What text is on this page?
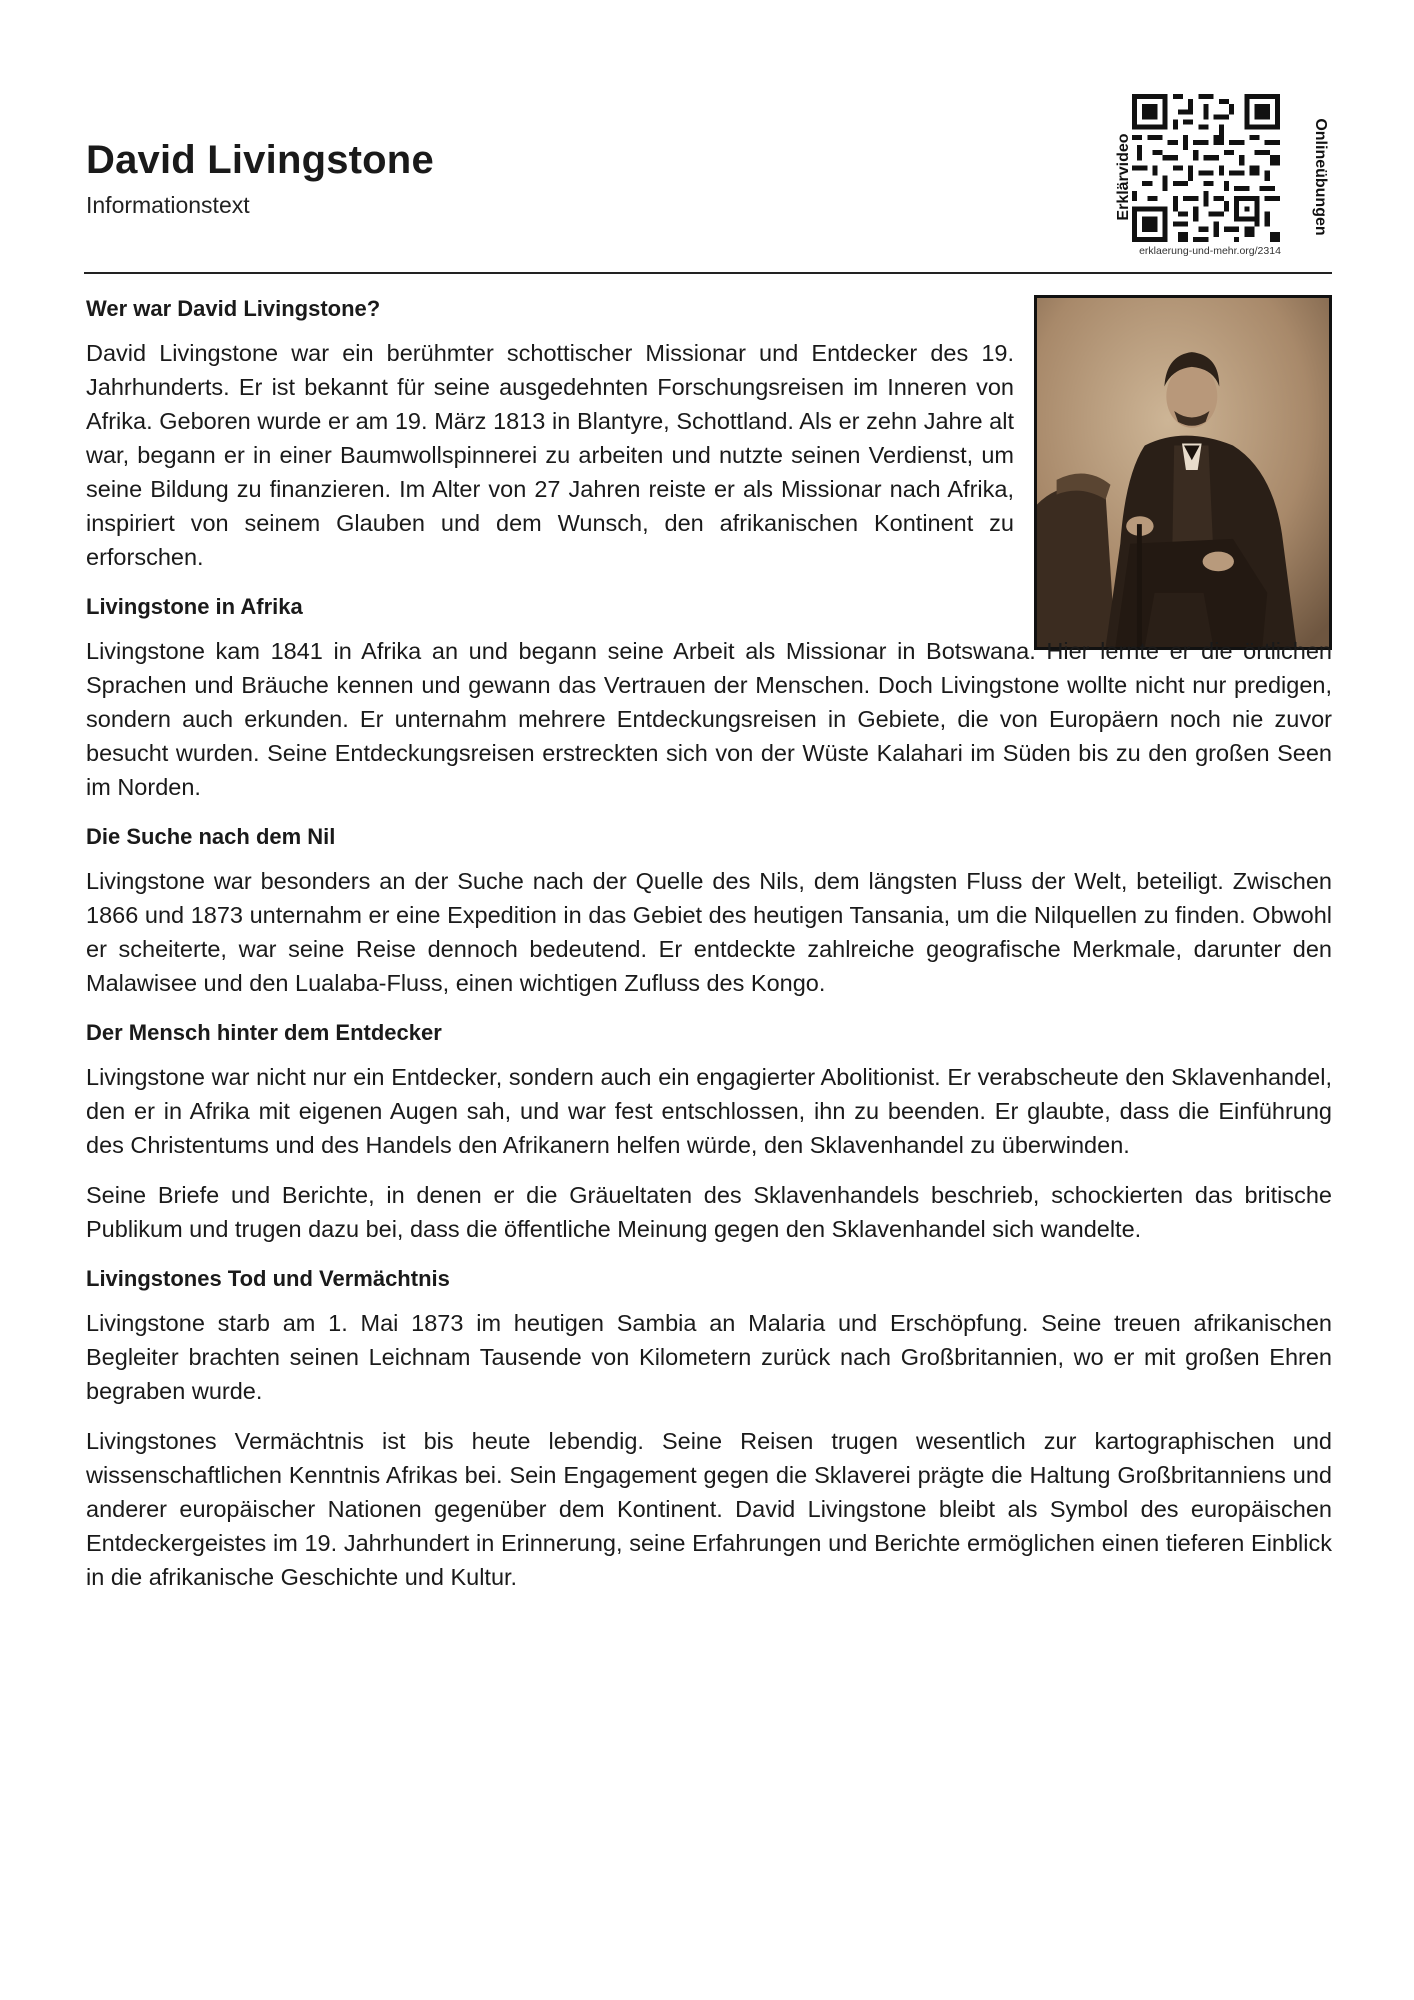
David Livingstone
Informationstext	Erklärvideo
erklaerung-und-mehr.org/2314
Onlineübungen
Wer war David Livingstone?

David Livingstone war ein berühmter schottischer Missionar und Entdecker des 19. Jahrhunderts. Er ist bekannt für seine ausgedehnten Forschungsreisen im Inneren von Afrika. Geboren wurde er am 19. März 1813 in Blantyre, Schottland. Als er zehn Jahre alt war, begann er in einer Baumwollspinnerei zu arbeiten und nutzte seinen Verdienst, um seine Bildung zu finanzieren. Im Alter von 27 Jahren reiste er als Missionar nach Afrika, inspiriert von seinem Glauben und dem Wunsch, den afrikanischen Kontinent zu erforschen.

Livingstone in Afrika

Livingstone kam 1841 in Afrika an und begann seine Arbeit als Missionar in Botswana. Hier lernte er die örtlichen Sprachen und Bräuche kennen und gewann das Vertrauen der Menschen. Doch Livingstone wollte nicht nur predigen, sondern auch erkunden. Er unternahm mehrere Entdeckungsreisen in Gebiete, die von Europäern noch nie zuvor besucht wurden. Seine Entdeckungsreisen erstreckten sich von der Wüste Kalahari im Süden bis zu den großen Seen im Norden.

Die Suche nach dem Nil

Livingstone war besonders an der Suche nach der Quelle des Nils, dem längsten Fluss der Welt, beteiligt. Zwischen 1866 und 1873 unternahm er eine Expedition in das Gebiet des heutigen Tansania, um die Nilquellen zu finden. Obwohl er scheiterte, war seine Reise dennoch bedeutend. Er entdeckte zahlreiche geografische Merkmale, darunter den Malawisee und den Lualaba-Fluss, einen wichtigen Zufluss des Kongo.

Der Mensch hinter dem Entdecker

Livingstone war nicht nur ein Entdecker, sondern auch ein engagierter Abolitionist. Er verabscheute den Sklavenhandel, den er in Afrika mit eigenen Augen sah, und war fest entschlossen, ihn zu beenden. Er glaubte, dass die Einführung des Christentums und des Handels den Afrikanern helfen würde, den Sklavenhandel zu überwinden.

Seine Briefe und Berichte, in denen er die Gräueltaten des Sklavenhandels beschrieb, schockierten das britische Publikum und trugen dazu bei, dass die öffentliche Meinung gegen den Sklavenhandel sich wandelte.

Livingstones Tod und Vermächtnis

Livingstone starb am 1. Mai 1873 im heutigen Sambia an Malaria und Erschöpfung. Seine treuen afrikanischen Begleiter brachten seinen Leichnam Tausende von Kilometern zurück nach Großbritannien, wo er mit großen Ehren begraben wurde.

Livingstones Vermächtnis ist bis heute lebendig. Seine Reisen trugen wesentlich zur kartographischen und wissenschaftlichen Kenntnis Afrikas bei. Sein Engagement gegen die Sklaverei prägte die Haltung Großbritanniens und anderer europäischer Nationen gegenüber dem Kontinent. David Livingstone bleibt als Symbol des europäischen Entdeckergeistes im 19. Jahrhundert in Erinnerung, seine Erfahrungen und Berichte ermöglichen einen tieferen Einblick in die afrikanische Geschichte und Kultur.
